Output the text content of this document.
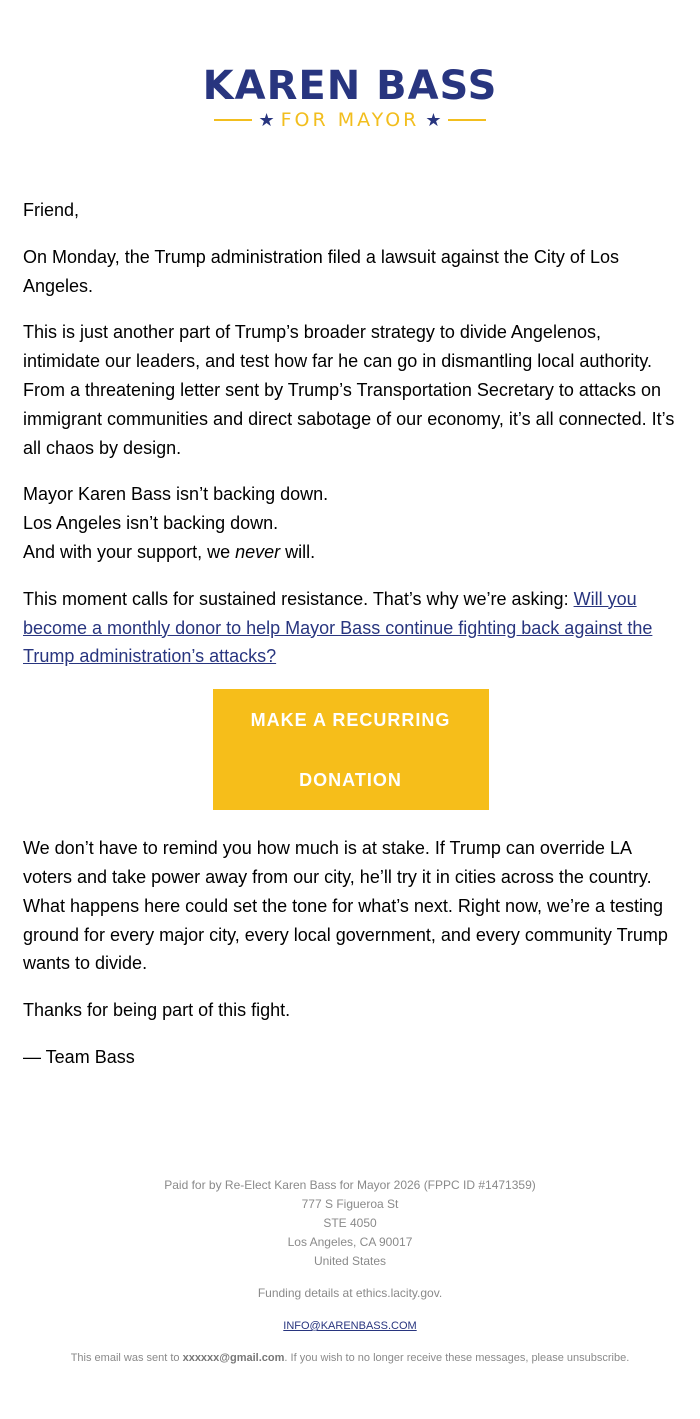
KAREN BASS
★ FOR MAYOR ★

Friend,

On Monday, the Trump administration filed a lawsuit against the City of Los Angeles.

This is just another part of Trump’s broader strategy to divide Angelenos, intimidate our leaders, and test how far he can go in dismantling local authority. From a threatening letter sent by Trump’s Transportation Secretary to attacks on immigrant communities and direct sabotage of our economy, it’s all connected. It’s all chaos by design.

Mayor Karen Bass isn’t backing down.
Los Angeles isn’t backing down.
And with your support, we never will.

This moment calls for sustained resistance. That’s why we’re asking: Will you become a monthly donor to help Mayor Bass continue fighting back against the Trump administration’s attacks?

MAKE A RECURRING
DONATION

We don’t have to remind you how much is at stake. If Trump can override LA voters and take power away from our city, he’ll try it in cities across the country. What happens here could set the tone for what’s next. Right now, we’re a testing ground for every major city, every local government, and every community Trump wants to divide.

Thanks for being part of this fight.

— Team Bass

Paid for by Re-Elect Karen Bass for Mayor 2026 (FPPC ID #1471359)
777 S Figueroa St
STE 4050
Los Angeles, CA 90017
United States
Funding details at ethics.lacity.gov.
INFO@KARENBASS.COM
This email was sent to xxxxxx@gmail.com. If you wish to no longer receive these messages, please unsubscribe.
